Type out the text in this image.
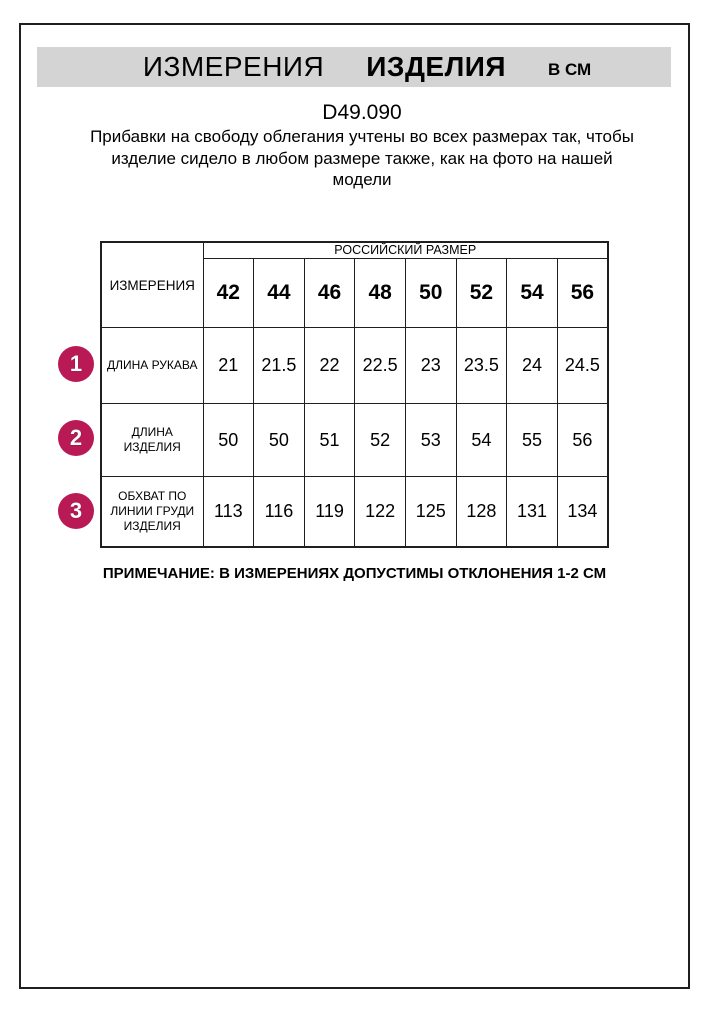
ИЗМЕРЕНИЯ ИЗДЕЛИЯ В СМ
D49.090
Прибавки на свободу облегания учтены во всех размерах так, чтобы
изделие сидело в любом размере также, как на фото на нашей
модели
ИЗМЕРЕНИЯ	РОССИЙСКИЙ РАЗМЕР							
	42	44	46	48	50	52	54	56

ДЛИНА РУКАВА	21	21.5	22	22.5	23	23.5	24	24.5

ДЛИНА
ИЗДЕЛИЯ	50	50	51	52	53	54	55	56

ОБХВАТ ПО
ЛИНИИ ГРУДИ
ИЗДЕЛИЯ	113	116	119	122	125	128	131	134
1
2
3
ПРИМЕЧАНИЕ: В ИЗМЕРЕНИЯХ ДОПУСТИМЫ ОТКЛОНЕНИЯ 1-2 СМ
